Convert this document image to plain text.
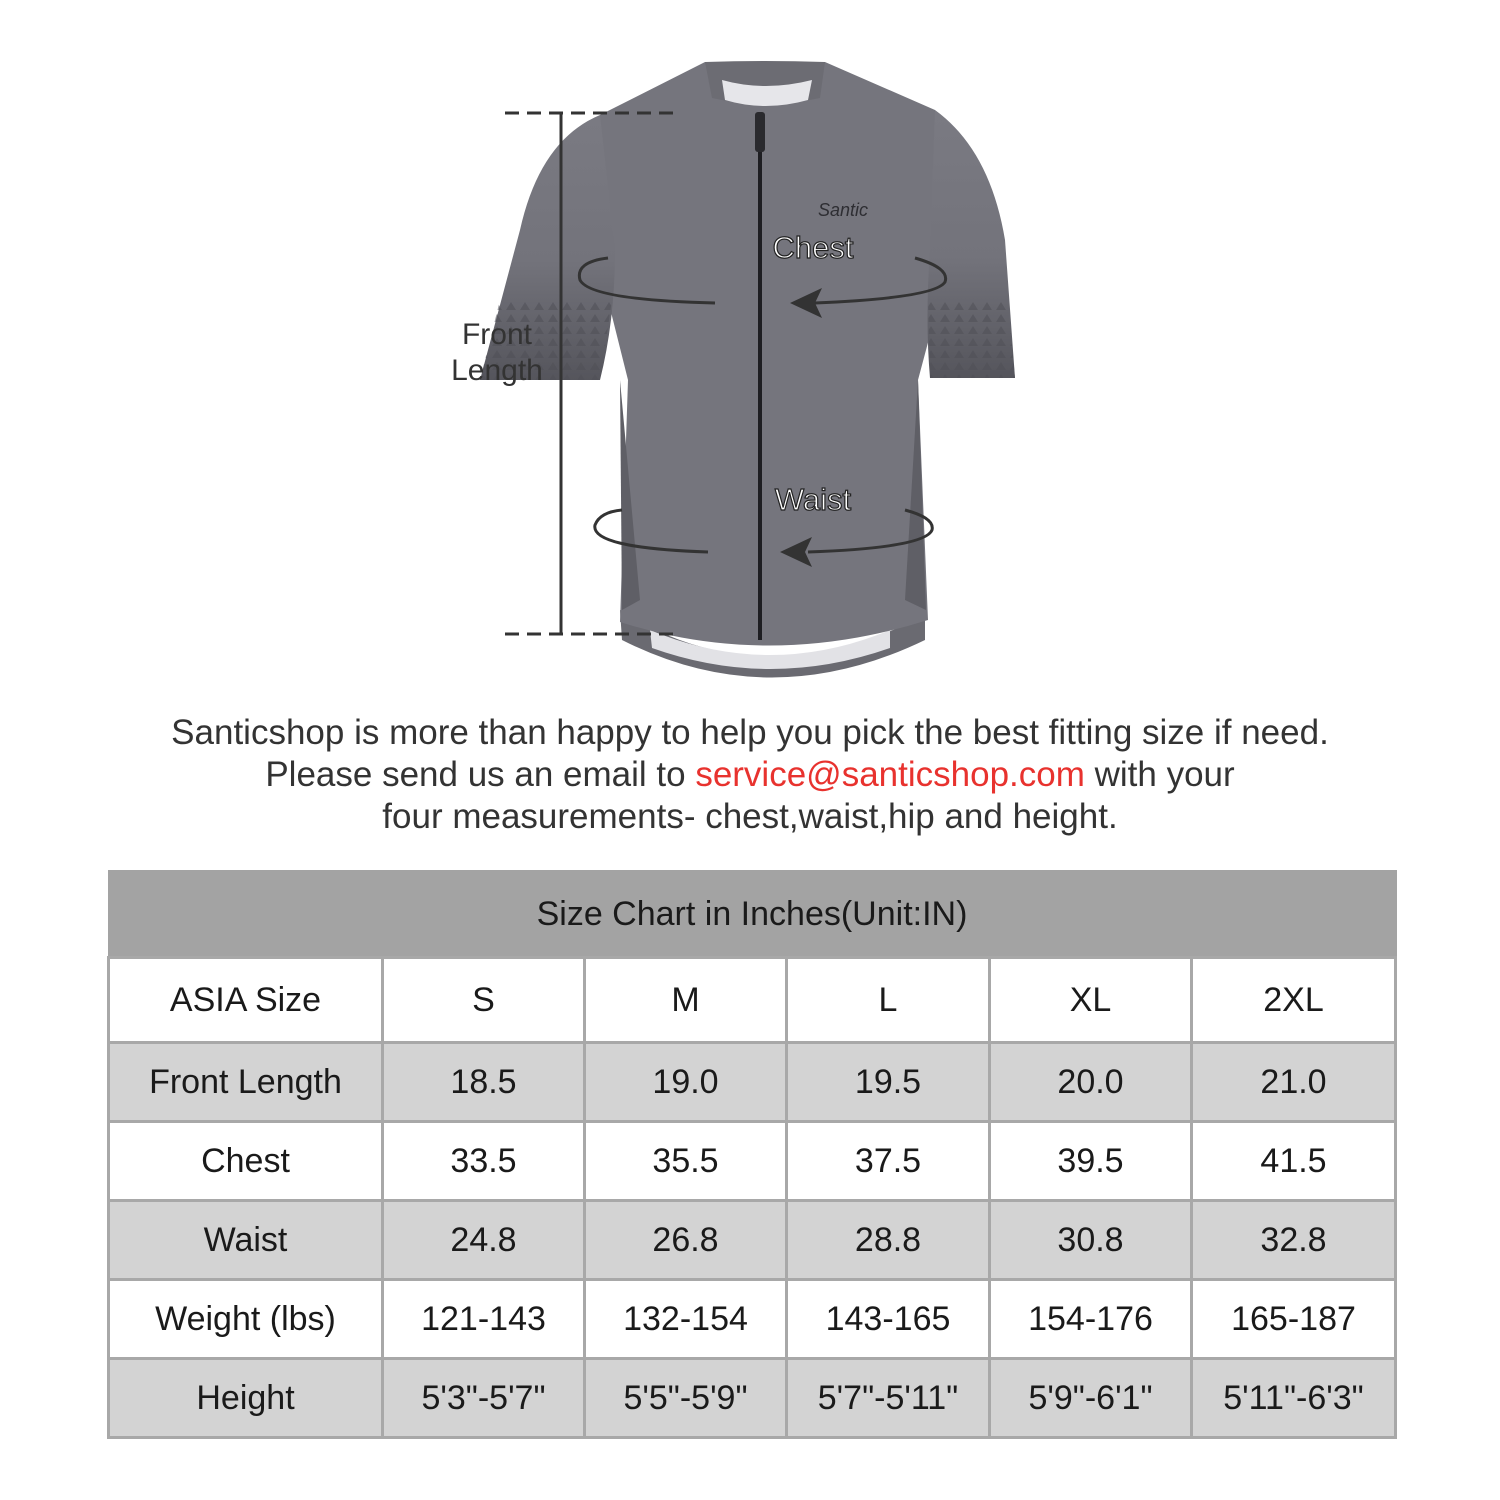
Santic
Front
Length
Chest
Waist
Santicshop is more than happy to help you pick the best fitting size if need.
Please send us an email to service@santicshop.com with your
four measurements- chest,waist,hip and height.
Size Chart in Inches(Unit:IN)					
ASIA Size	S	M	L	XL	2XL
Front Length	18.5	19.0	19.5	20.0	21.0
Chest	33.5	35.5	37.5	39.5	41.5
Waist	24.8	26.8	28.8	30.8	32.8
Weight (lbs)	121-143	132-154	143-165	154-176	165-187
Height	5'3"-5'7"	5'5"-5'9"	5'7"-5'11"	5'9"-6'1"	5'11"-6'3"
